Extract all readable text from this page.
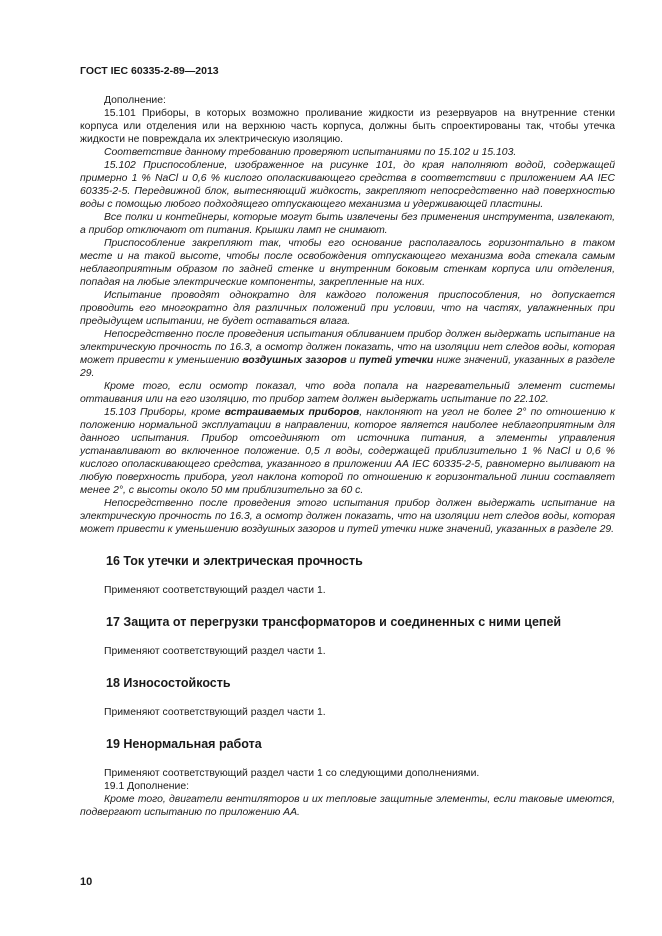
ГОСТ IEC 60335-2-89—2013

Дополнение:

15.101 Приборы, в которых возможно проливание жидкости из резервуаров на внутренние стенки корпуса или отделения или на верхнюю часть корпуса, должны быть спроектированы так, чтобы утечка жидкости не повреждала их электрическую изоляцию.

Соответствие данному требованию проверяют испытаниями по 15.102 и 15.103.

15.102 Приспособление, изображенное на рисунке 101, до края наполняют водой, содержащей примерно 1 % NaCl и 0,6 % кислого ополаскивающего средства в соответствии с приложением АА IEC 60335-2-5. Передвижной блок, вытесняющий жидкость, закрепляют непосредственно над поверхностью воды с помощью любого подходящего отпускающего механизма и удерживающей пластины.

Все полки и контейнеры, которые могут быть извлечены без применения инструмента, извлекают, а прибор отключают от питания. Крышки ламп не снимают.

Приспособление закрепляют так, чтобы его основание располагалось горизонтально в таком месте и на такой высоте, чтобы после освобождения отпускающего механизма вода стекала самым неблагоприятным образом по задней стенке и внутренним боковым стенкам корпуса или отделения, попадая на любые электрические компоненты, закрепленные на них.

Испытание проводят однократно для каждого положения приспособления, но допускается проводить его многократно для различных положений при условии, что на частях, увлажненных при предыдущем испытании, не будет оставаться влага.

Непосредственно после проведения испытания обливанием прибор должен выдержать испытание на электрическую прочность по 16.3, а осмотр должен показать, что на изоляции нет следов воды, которая может привести к уменьшению воздушных зазоров и путей утечки ниже значений, указанных в разделе 29.

Кроме того, если осмотр показал, что вода попала на нагревательный элемент системы оттаивания или на его изоляцию, то прибор затем должен выдержать испытание по 22.102.

15.103 Приборы, кроме встраиваемых приборов, наклоняют на угол не более 2° по отношению к положению нормальной эксплуатации в направлении, которое является наиболее неблагоприятным для данного испытания. Прибор отсоединяют от источника питания, а элементы управления устанавливают во включенное положение. 0,5 л воды, содержащей приблизительно 1 % NaCl и 0,6 % кислого ополаскивающего средства, указанного в приложении АА IEC 60335-2-5, равномерно выливают на любую поверхность прибора, угол наклона которой по отношению к горизонтальной линии составляет менее 2°, с высоты около 50 мм приблизительно за 60 с.

Непосредственно после проведения этого испытания прибор должен выдержать испытание на электрическую прочность по 16.3, а осмотр должен показать, что на изоляции нет следов воды, которая может привести к уменьшению воздушных зазоров и путей утечки ниже значений, указанных в разделе 29.

16 Ток утечки и электрическая прочность

Применяют соответствующий раздел части 1.

17 Защита от перегрузки трансформаторов и соединенных с ними цепей

Применяют соответствующий раздел части 1.

18 Износостойкость

Применяют соответствующий раздел части 1.

19 Ненормальная работа

Применяют соответствующий раздел части 1 со следующими дополнениями.

19.1 Дополнение:

Кроме того, двигатели вентиляторов и их тепловые защитные элементы, если таковые имеются, подвергают испытанию по приложению АА.

10
